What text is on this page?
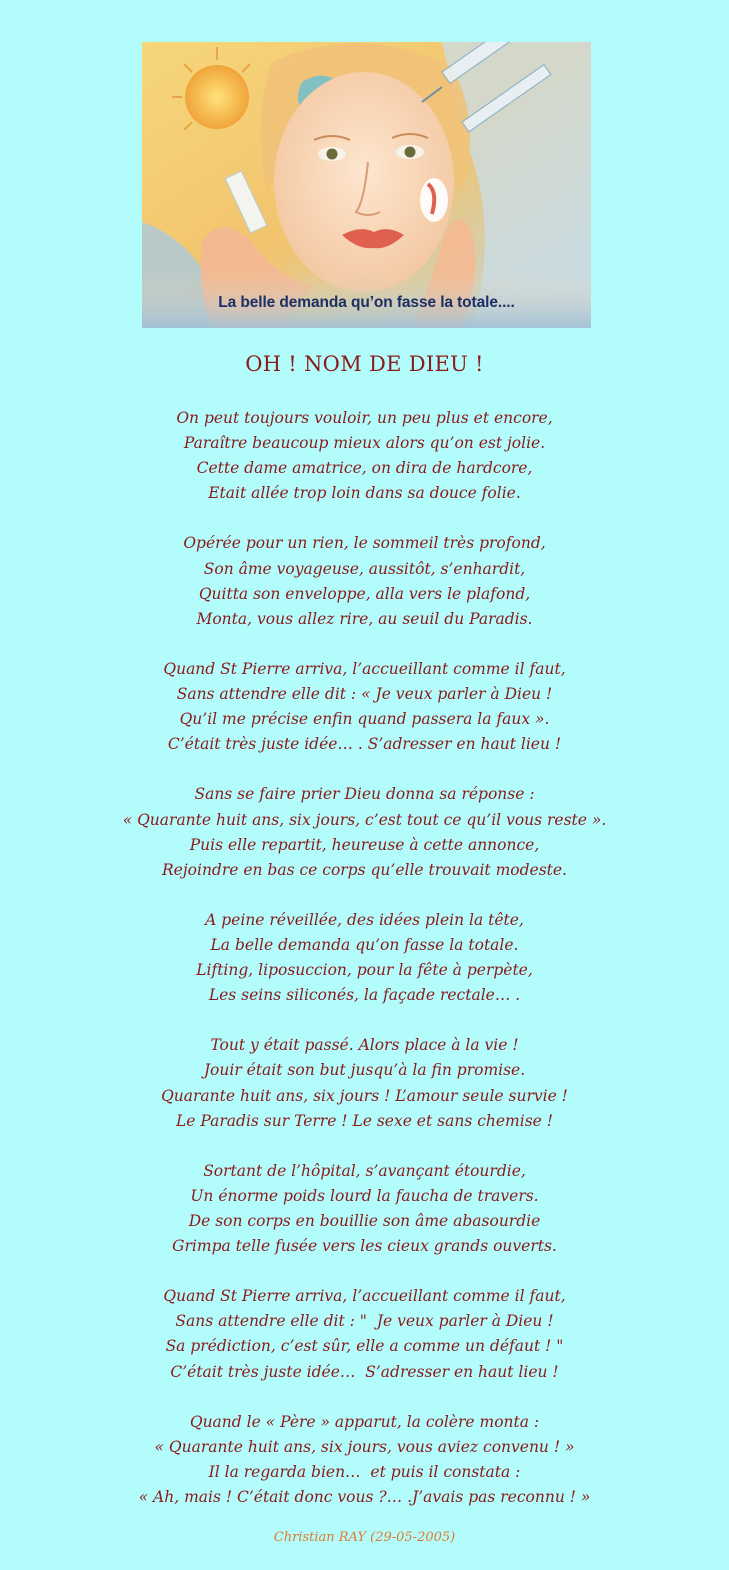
La belle demanda qu’on fasse la totale....
OH ! NOM DE DIEU !
On peut toujours vouloir, un peu plus et encore,
Paraître beaucoup mieux alors qu’on est jolie.
Cette dame amatrice, on dira de hardcore,
Etait allée trop loin dans sa douce folie.
Opérée pour un rien, le sommeil très profond,
Son âme voyageuse, aussitôt, s’enhardit,
Quitta son enveloppe, alla vers le plafond,
Monta, vous allez rire, au seuil du Paradis.
Quand St Pierre arriva, l’accueillant comme il faut,
Sans attendre elle dit : « Je veux parler à Dieu !
Qu’il me précise enfin quand passera la faux ».
C’était très juste idée… . S’adresser en haut lieu !
Sans se faire prier Dieu donna sa réponse :
« Quarante huit ans, six jours, c’est tout ce qu’il vous reste ».
Puis elle repartit, heureuse à cette annonce,
Rejoindre en bas ce corps qu’elle trouvait modeste.
A peine réveillée, des idées plein la tête,
La belle demanda qu’on fasse la totale.
Lifting, liposuccion, pour la fête à perpète,
Les seins siliconés, la façade rectale… .
Tout y était passé. Alors place à la vie !
Jouir était son but jusqu’à la fin promise.
Quarante huit ans, six jours ! L’amour seule survie !
Le Paradis sur Terre ! Le sexe et sans chemise !
Sortant de l’hôpital, s’avançant étourdie,
Un énorme poids lourd la faucha de travers.
De son corps en bouillie son âme abasourdie
Grimpa telle fusée vers les cieux grands ouverts.
Quand St Pierre arriva, l’accueillant comme il faut,
Sans attendre elle dit : "  Je veux parler à Dieu !
Sa prédiction, c’est sûr, elle a comme un défaut ! "
C’était très juste idée…  S’adresser en haut lieu !
Quand le « Père » apparut, la colère monta :
« Quarante huit ans, six jours, vous aviez convenu ! »
Il la regarda bien…  et puis il constata :
« Ah, mais ! C’était donc vous ?… .J’avais pas reconnu ! »
Christian RAY (29-05-2005)
